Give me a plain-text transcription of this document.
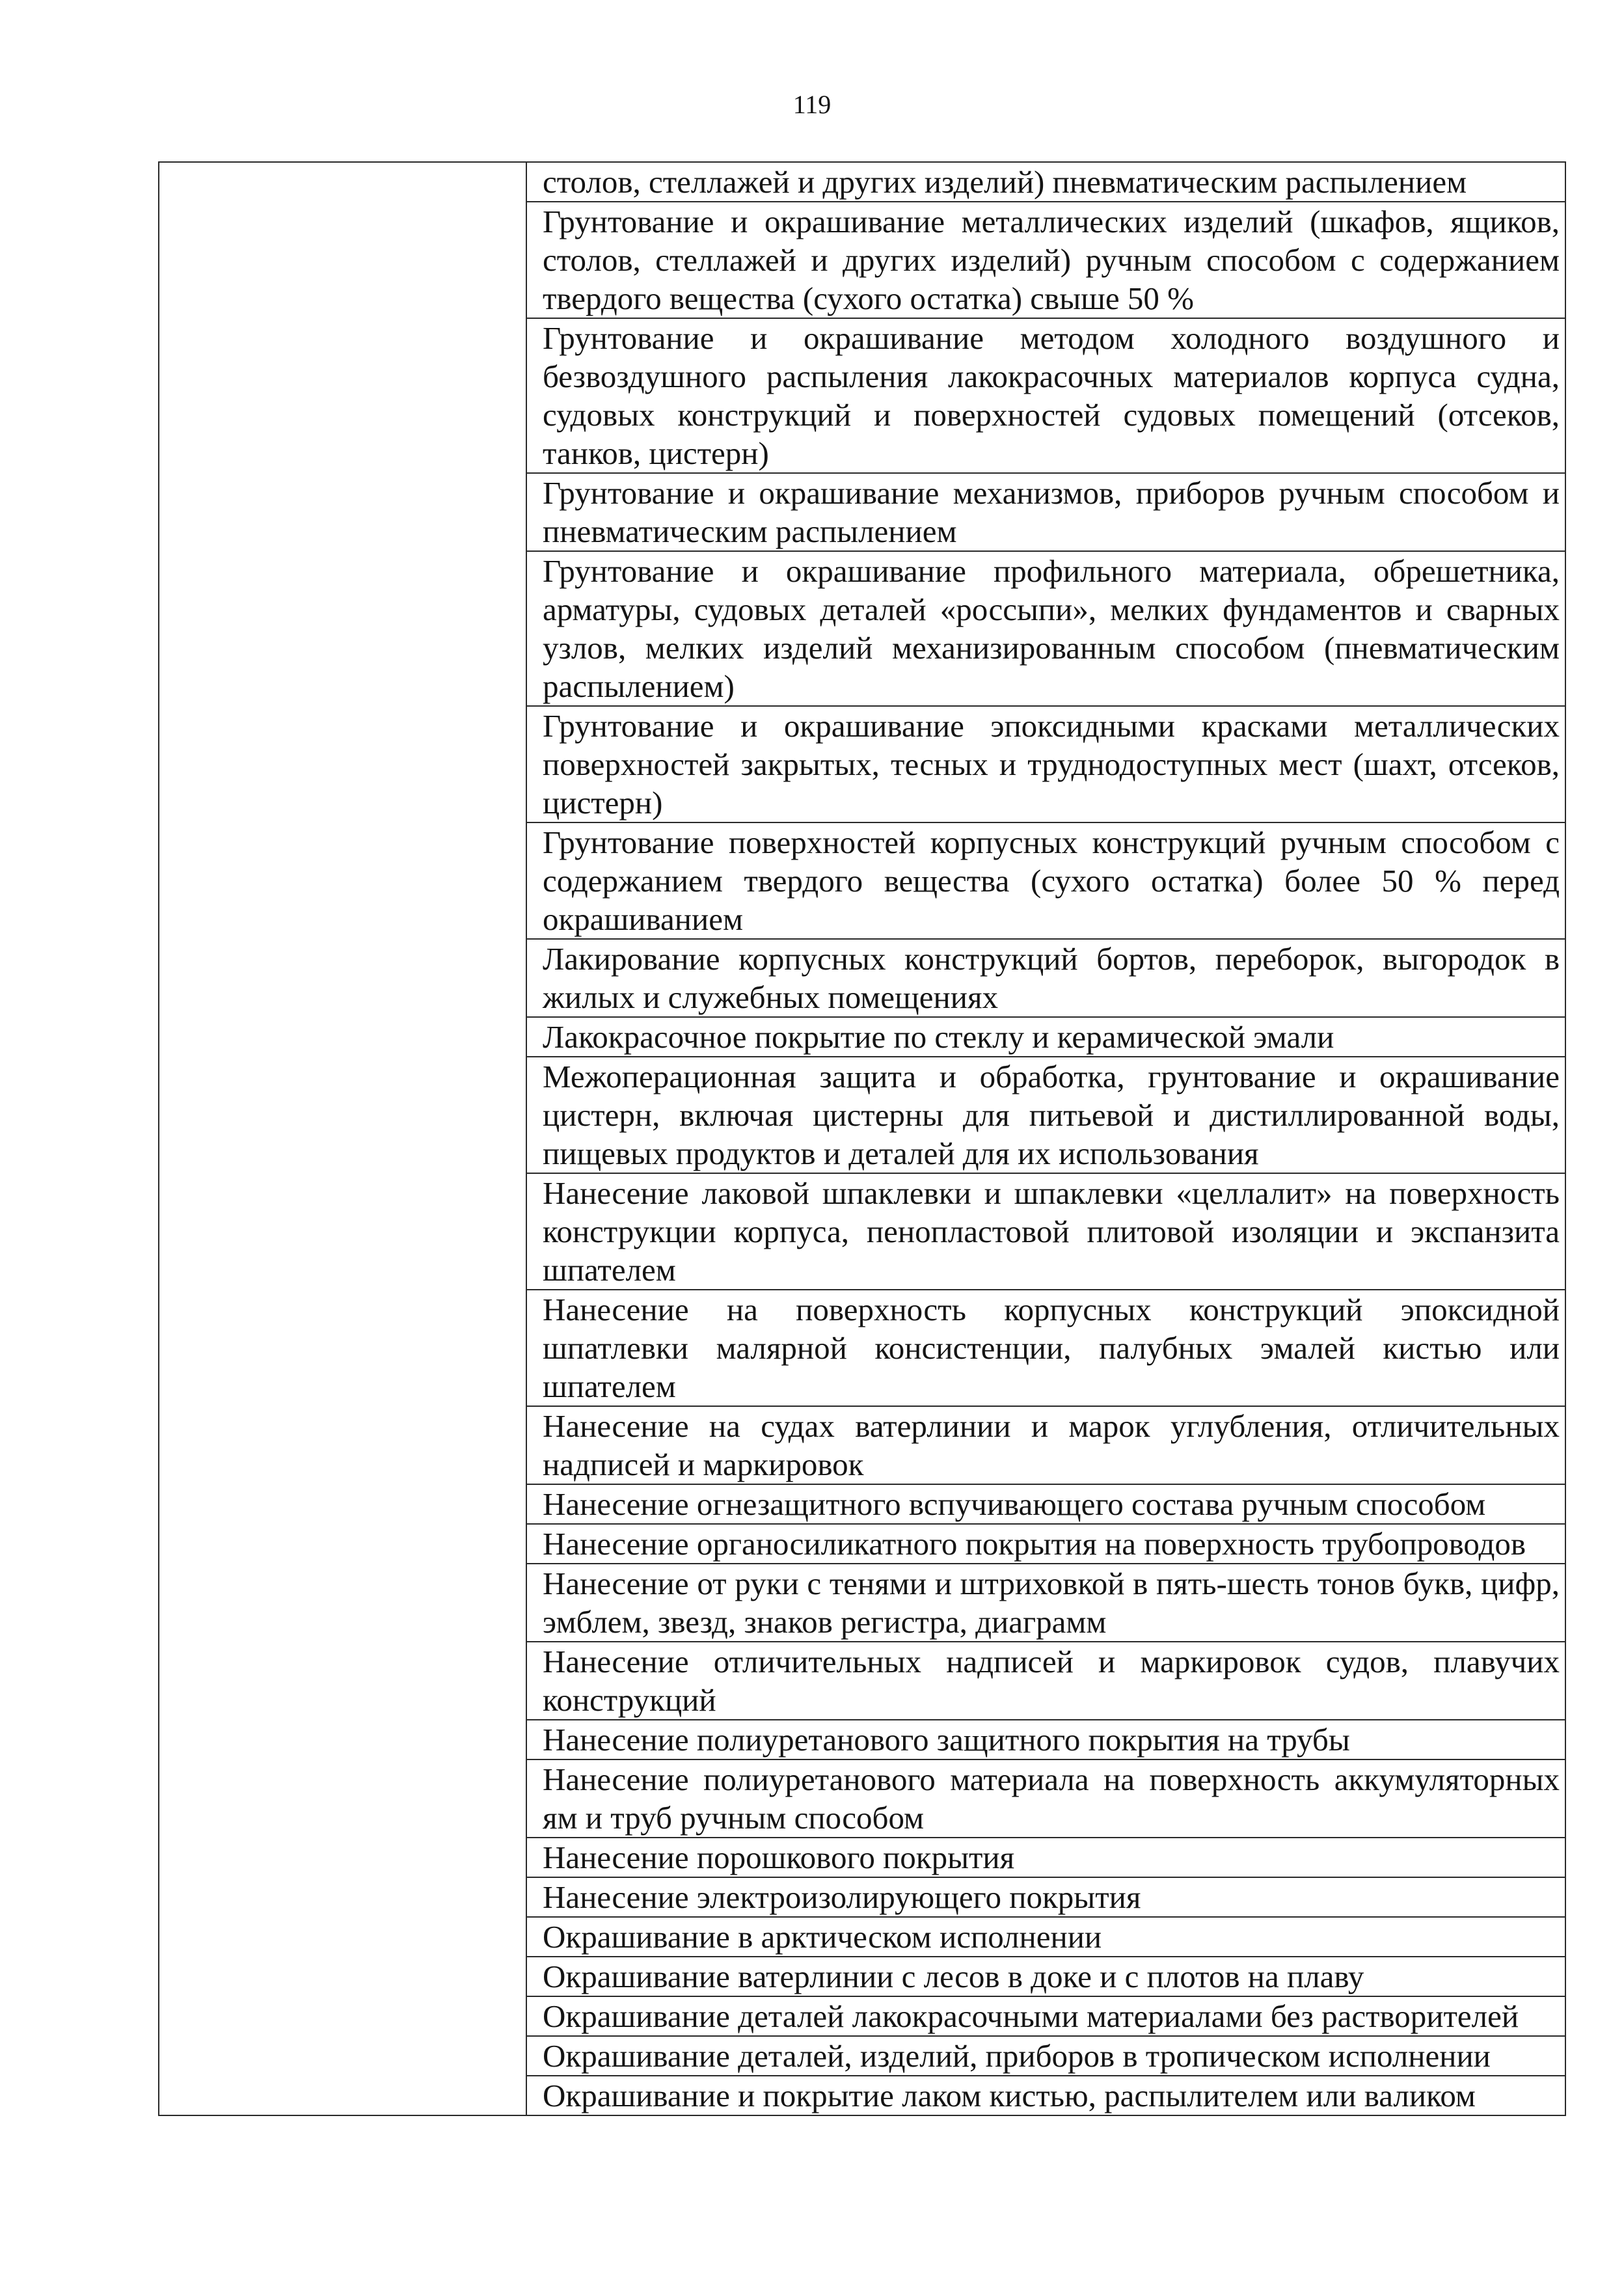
119

столов, стеллажей и других изделий) пневматическим распылением

Грунтование и окрашивание металлических изделий (шкафов, ящиков, столов, стеллажей и других изделий) ручным способом с содержанием твердого вещества (сухого остатка) свыше 50 %

Грунтование и окрашивание методом холодного воздушного и безвоздушного распыления лакокрасочных материалов корпуса судна, судовых конструкций и поверхностей судовых помещений (отсеков, танков, цистерн)

Грунтование и окрашивание механизмов, приборов ручным способом и пневматическим распылением

Грунтование и окрашивание профильного материала, обрешетника, арматуры, судовых деталей «россыпи», мелких фундаментов и сварных узлов, мелких изделий механизированным способом (пневматическим распылением)

Грунтование и окрашивание эпоксидными красками металлических поверхностей закрытых, тесных и труднодоступных мест (шахт, отсеков, цистерн)

Грунтование поверхностей корпусных конструкций ручным способом с содержанием твердого вещества (сухого остатка) более 50 % перед окрашиванием

Лакирование корпусных конструкций бортов, переборок, выгородок в жилых и служебных помещениях

Лакокрасочное покрытие по стеклу и керамической эмали

Межоперационная защита и обработка, грунтование и окрашивание цистерн, включая цистерны для питьевой и дистиллированной воды, пищевых продуктов и деталей для их использования

Нанесение лаковой шпаклевки и шпаклевки «целлалит» на поверхность конструкции корпуса, пенопластовой плитовой изоляции и экспанзита шпателем

Нанесение на поверхность корпусных конструкций эпоксидной шпатлевки малярной консистенции, палубных эмалей кистью или шпателем

Нанесение на судах ватерлинии и марок углубления, отличительных надписей и маркировок

Нанесение огнезащитного вспучивающего состава ручным способом

Нанесение органосиликатного покрытия на поверхность трубопроводов

Нанесение от руки с тенями и штриховкой в пять-шесть тонов букв, цифр, эмблем, звезд, знаков регистра, диаграмм

Нанесение отличительных надписей и маркировок судов, плавучих конструкций

Нанесение полиуретанового защитного покрытия на трубы

Нанесение полиуретанового материала на поверхность аккумуляторных ям и труб ручным способом

Нанесение порошкового покрытия

Нанесение электроизолирующего покрытия

Окрашивание в арктическом исполнении

Окрашивание ватерлинии с лесов в доке и с плотов на плаву

Окрашивание деталей лакокрасочными материалами без растворителей

Окрашивание деталей, изделий, приборов в тропическом исполнении

Окрашивание и покрытие лаком кистью, распылителем или валиком
